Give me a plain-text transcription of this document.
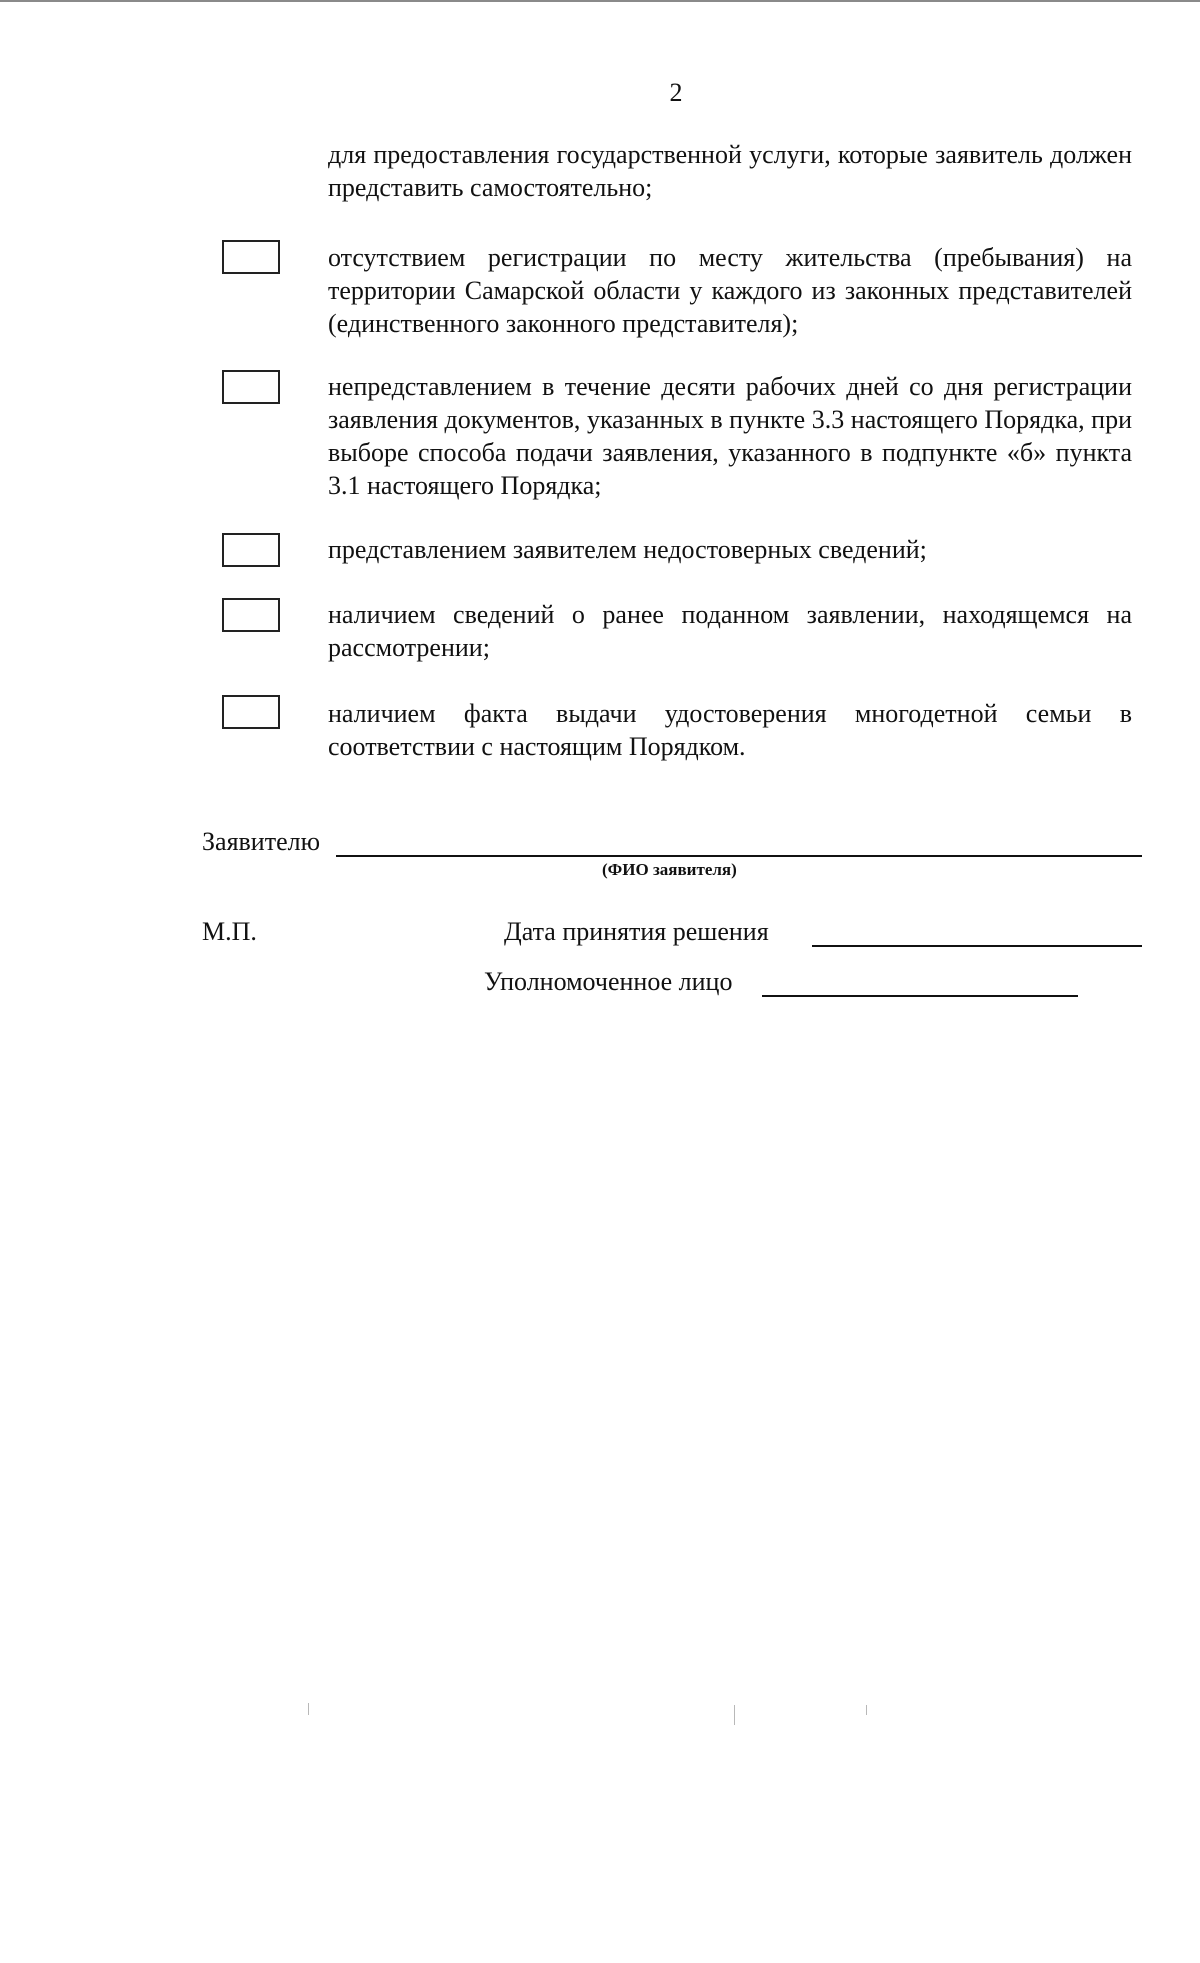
2
для предоставления государственной услуги, которые заявитель должен представить самостоятельно;
отсутствием регистрации по месту жительства (пребывания) на территории Самарской области у каждого из законных представителей (единственного законного представителя);
непредставлением в течение десяти рабочих дней со дня регистрации заявления документов, указанных в пункте 3.3 настоящего Порядка, при выборе способа подачи заявления, указанного в подпункте «б» пункта 3.1 настоящего Порядка;
представлением заявителем недостоверных сведений;
наличием сведений о ранее поданном заявлении, находящемся на рассмотрении;
наличием факта выдачи удостоверения многодетной семьи в соответствии с настоящим Порядком.
Заявителю
(ФИО заявителя)
М.П.	Дата принятия решения
Уполномоченное лицо
